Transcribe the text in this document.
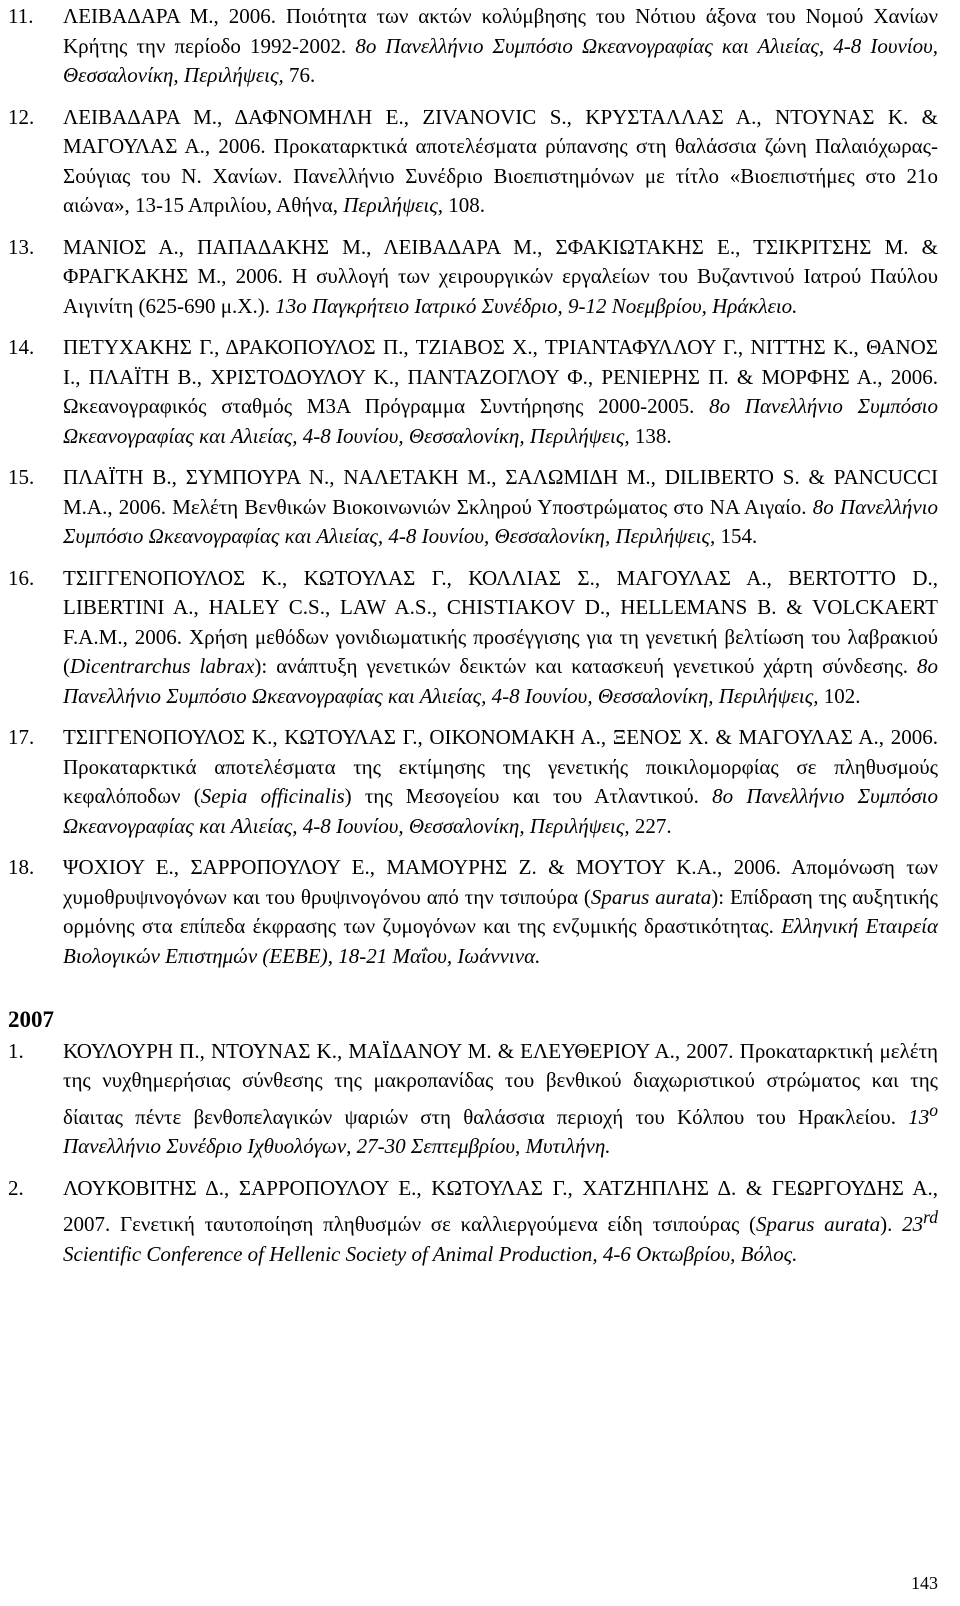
11. ΛΕΙΒΑΔΑΡΑ Μ., 2006. Ποιότητα των ακτών κολύμβησης του Νότιου άξονα του Νομού Χανίων Κρήτης την περίοδο 1992-2002. 8ο Πανελλήνιο Συμπόσιο Ωκεανογραφίας και Αλιείας, 4-8 Ιουνίου, Θεσσαλονίκη, Περιλήψεις, 76.
12. ΛΕΙΒΑΔΑΡΑ Μ., ΔΑΦΝΟΜΗΛΗ Ε., ZIVANOVIC S., ΚΡΥΣΤΑΛΛΑΣ Α., ΝΤΟΥΝΑΣ Κ. & ΜΑΓΟΥΛΑΣ Α., 2006. Προκαταρκτικά αποτελέσματα ρύπανσης στη θαλάσσια ζώνη Παλαιόχωρας-Σούγιας του Ν. Χανίων. Πανελλήνιο Συνέδριο Βιοεπιστημόνων με τίτλο «Βιοεπιστήμες στο 21ο αιώνα», 13-15 Απριλίου, Αθήνα, Περιλήψεις, 108.
13. ΜΑΝΙΟΣ Α., ΠΑΠΑΔΑΚΗΣ Μ., ΛΕΙΒΑΔΑΡΑ Μ., ΣΦΑΚΙΩΤΑΚΗΣ Ε., ΤΣΙΚΡΙΤΣΗΣ Μ. & ΦΡΑΓΚΑΚΗΣ Μ., 2006. Η συλλογή των χειρουργικών εργαλείων του Βυζαντινού Ιατρού Παύλου Αιγινίτη (625-690 μ.Χ.). 13ο Παγκρήτειο Ιατρικό Συνέδριο, 9-12 Νοεμβρίου, Ηράκλειο.
14. ΠΕΤΥΧΑΚΗΣ Γ., ΔΡΑΚΟΠΟΥΛΟΣ Π., ΤΖΙΑΒΟΣ Χ., ΤΡΙΑΝΤΑΦΥΛΛΟΥ Γ., ΝΙΤΤΗΣ Κ., ΘΑΝΟΣ Ι., ΠΛΑΪΤΗ Β., ΧΡΙΣΤΟΔΟΥΛΟΥ Κ., ΠΑΝΤΑΖΟΓΛΟΥ Φ., ΡΕΝΙΕΡΗΣ Π. & ΜΟΡΦΗΣ Α., 2006. Ωκεανογραφικός σταθμός Μ3Α Πρόγραμμα Συντήρησης 2000-2005. 8ο Πανελλήνιο Συμπόσιο Ωκεανογραφίας και Αλιείας, 4-8 Ιουνίου, Θεσσαλονίκη, Περιλήψεις, 138.
15. ΠΛΑΪΤΗ Β., ΣΥΜΠΟΥΡΑ Ν., ΝΑΛΕΤΑΚΗ Μ., ΣΑΛΩΜΙΔΗ Μ., DILIBERTO S. & PANCUCCI M.A., 2006. Μελέτη Βενθικών Βιοκοινωνιών Σκληρού Υποστρώματος στο ΝΑ Αιγαίο. 8ο Πανελλήνιο Συμπόσιο Ωκεανογραφίας και Αλιείας, 4-8 Ιουνίου, Θεσσαλονίκη, Περιλήψεις, 154.
16. ΤΣΙΓΓΕΝΟΠΟΥΛΟΣ Κ., ΚΩΤΟΥΛΑΣ Γ., ΚΟΛΛΙΑΣ Σ., ΜΑΓΟΥΛΑΣ Α., BERTOTTO D., LIBERTINI A., HALEY C.S., LAW A.S., CHISTIAKOV D., HELLEMANS B. & VOLCKAERT F.A.M., 2006. Χρήση μεθόδων γονιδιωματικής προσέγγισης για τη γενετική βελτίωση του λαβρακιού (Dicentrarchus labrax): ανάπτυξη γενετικών δεικτών και κατασκευή γενετικού χάρτη σύνδεσης. 8ο Πανελλήνιο Συμπόσιο Ωκεανογραφίας και Αλιείας, 4-8 Ιουνίου, Θεσσαλονίκη, Περιλήψεις, 102.
17. ΤΣΙΓΓΕΝΟΠΟΥΛΟΣ Κ., ΚΩΤΟΥΛΑΣ Γ., ΟΙΚΟΝΟΜΑΚΗ Α., ΞΕΝΟΣ Χ. & ΜΑΓΟΥΛΑΣ Α., 2006. Προκαταρκτικά αποτελέσματα της εκτίμησης της γενετικής ποικιλομορφίας σε πληθυσμούς κεφαλόποδων (Sepia officinalis) της Μεσογείου και του Ατλαντικού. 8ο Πανελλήνιο Συμπόσιο Ωκεανογραφίας και Αλιείας, 4-8 Ιουνίου, Θεσσαλονίκη, Περιλήψεις, 227.
18. ΨΟΧΙΟΥ Ε., ΣΑΡΡΟΠΟΥΛΟΥ Ε., ΜΑΜΟΥΡΗΣ Ζ. & ΜΟΥΤΟΥ Κ.Α., 2006. Απομόνωση των χυμοθρυψινογόνων και του θρυψινογόνου από την τσιπούρα (Sparus aurata): Επίδραση της αυξητικής ορμόνης στα επίπεδα έκφρασης των ζυμογόνων και της ενζυμικής δραστικότητας. Ελληνική Εταιρεία Βιολογικών Επιστημών (ΕΕΒΕ), 18-21 Μαΐου, Ιωάννινα.
2007
1. ΚΟΥΛΟΥΡΗ Π., ΝΤΟΥΝΑΣ Κ., ΜΑΪΔΑΝΟΥ Μ. & ΕΛΕΥΘΕΡΙΟΥ Α., 2007. Προκαταρκτική μελέτη της νυχθημερήσιας σύνθεσης της μακροπανίδας του βενθικού διαχωριστικού στρώματος και της δίαιτας πέντε βενθοπελαγικών ψαριών στη θαλάσσια περιοχή του Κόλπου του Ηρακλείου. $13^o$ Πανελλήνιο Συνέδριο Ιχθυολόγων, 27-30 Σεπτεμβρίου, Μυτιλήνη.
2. ΛΟΥΚΟΒΙΤΗΣ Δ., ΣΑΡΡΟΠΟΥΛΟΥ Ε., ΚΩΤΟΥΛΑΣ Γ., ΧΑΤΖΗΠΛΗΣ Δ. & ΓΕΩΡΓΟΥΔΗΣ Α., 2007. Γενετική ταυτοποίηση πληθυσμών σε καλλιεργούμενα είδη τσιπούρας (Sparus aurata). 23rd Scientific Conference of Hellenic Society of Animal Production, 4-6 Οκτωβρίου, Βόλος.
143
